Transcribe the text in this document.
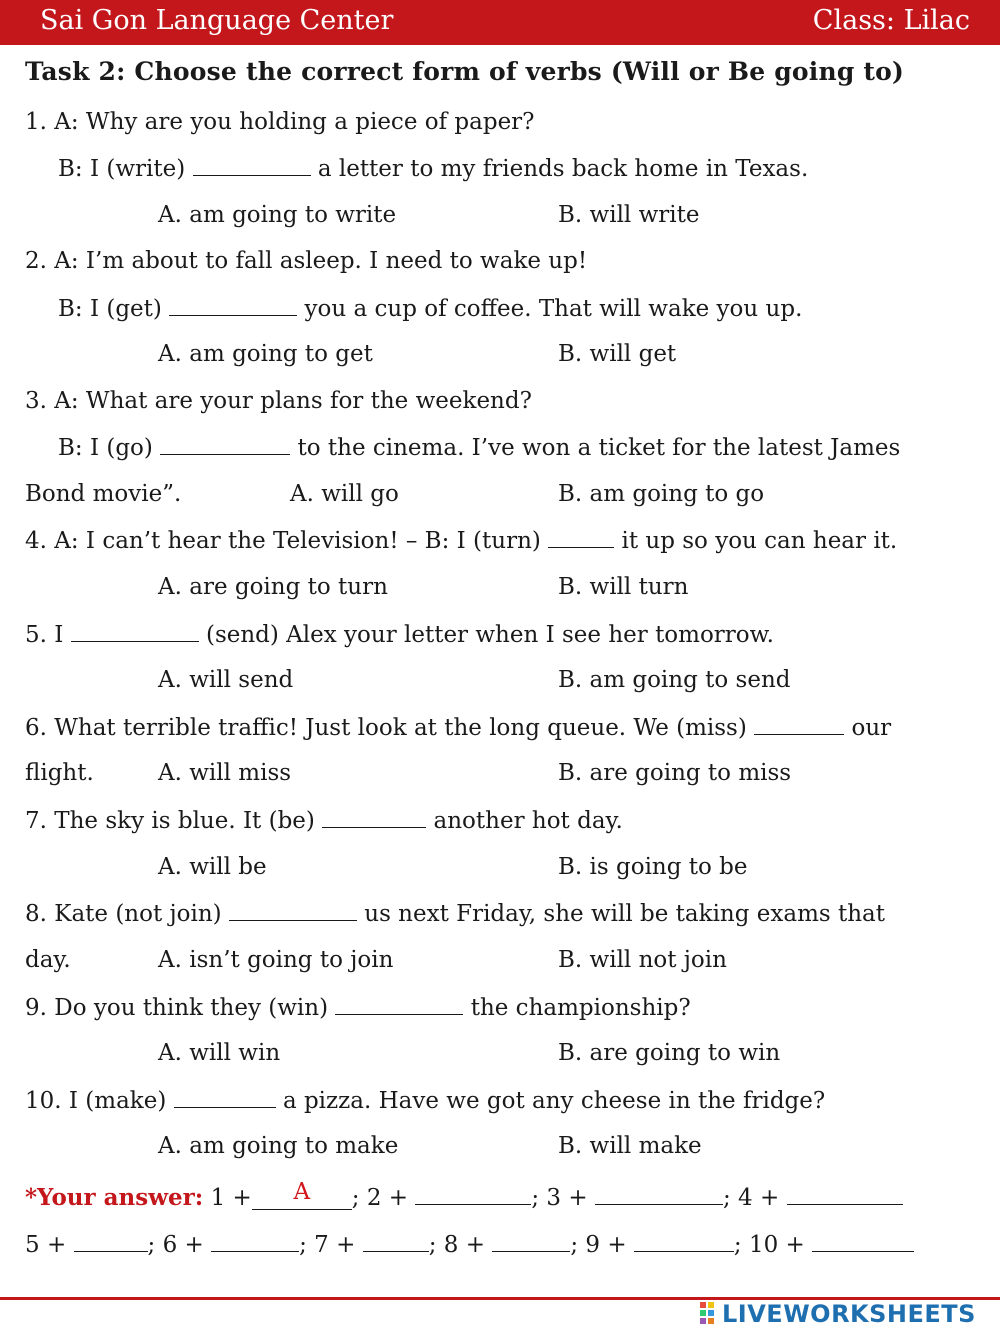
Sai Gon Language Center	Class: Lilac
Task 2: Choose the correct form of verbs (Will or Be going to)
1. A: Why are you holding a piece of paper?
B: I (write)	a letter to my friends back home in Texas.
A. am going to write	B. will write
2. A: I’m about to fall asleep. I need to wake up!
B: I (get)	you a cup of coffee. That will wake you up.
A. am going to get	B. will get
3. A: What are your plans for the weekend?
B: I (go)	to the cinema. I’ve won a ticket for the latest James
Bond movie”.	A. will go	B. am going to go
4. A: I can’t hear the Television! – B: I (turn)	it up so you can hear it.
A. are going to turn	B. will turn
5. I	(send) Alex your letter when I see her tomorrow.
A. will send	B. am going to send
6. What terrible traffic! Just look at the long queue. We (miss)	our
flight.	A. will miss	B. are going to miss
7. The sky is blue. It (be)	another hot day.
A. will be	B. is going to be
8. Kate (not join)	us next Friday, she will be taking exams that
day.	A. isn’t going to join	B. will not join
9. Do you think they (win)	the championship?
A. will win	B. are going to win
10. I (make)	a pizza. Have we got any cheese in the fridge?
A. am going to make	B. will make
*Your answer: 1 + A ; 2 +	; 3 +	; 4 +
5 +	; 6 +	; 7 +	; 8 +	; 9 +	; 10 +
LIVEWORKSHEETS
